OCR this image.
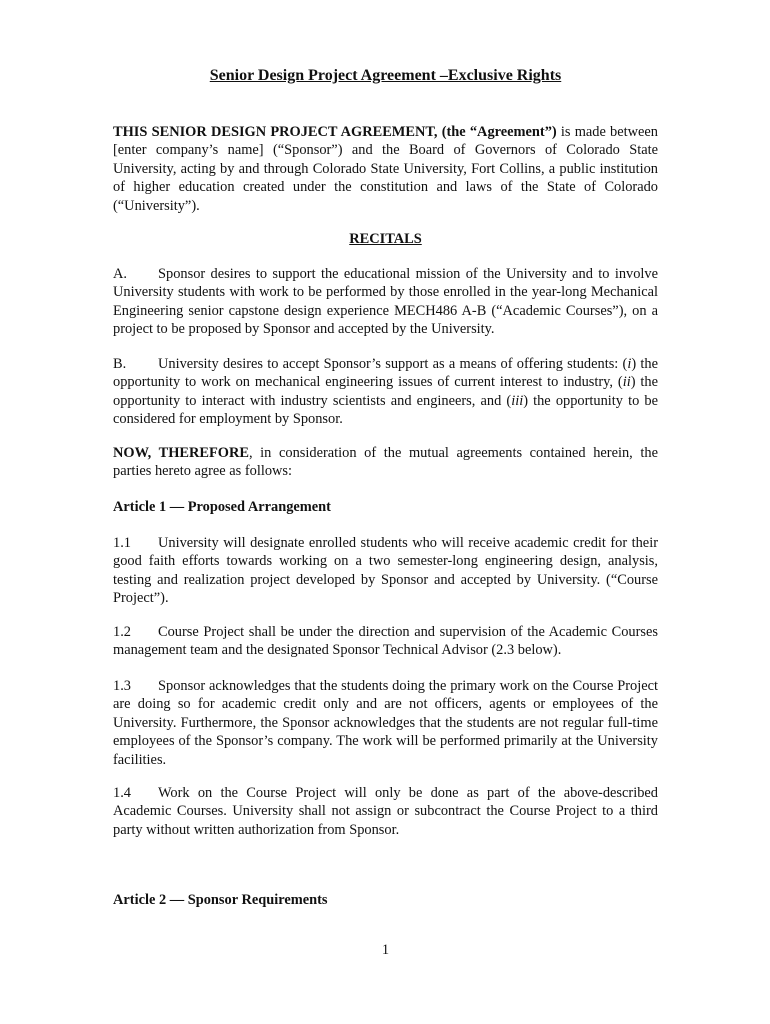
Senior Design Project Agreement –Exclusive Rights

THIS SENIOR DESIGN PROJECT AGREEMENT, (the “Agreement”) is made between [enter company’s name] (“Sponsor”) and the Board of Governors of Colorado State University, acting by and through Colorado State University, Fort Collins, a public institution of higher education created under the constitution and laws of the State of Colorado (“University”).

RECITALS

A. Sponsor desires to support the educational mission of the University and to involve University students with work to be performed by those enrolled in the year-long Mechanical Engineering senior capstone design experience MECH486 A-B (“Academic Courses”), on a project to be proposed by Sponsor and accepted by the University.

B. University desires to accept Sponsor’s support as a means of offering students: (i) the opportunity to work on mechanical engineering issues of current interest to industry, (ii) the opportunity to interact with industry scientists and engineers, and (iii) the opportunity to be considered for employment by Sponsor.

NOW, THEREFORE, in consideration of the mutual agreements contained herein, the parties hereto agree as follows:

Article 1 — Proposed Arrangement

1.1 University will designate enrolled students who will receive academic credit for their good faith efforts towards working on a two semester-long engineering design, analysis, testing and realization project developed by Sponsor and accepted by University. (“Course Project”).

1.2 Course Project shall be under the direction and supervision of the Academic Courses management team and the designated Sponsor Technical Advisor (2.3 below).

1.3 Sponsor acknowledges that the students doing the primary work on the Course Project are doing so for academic credit only and are not officers, agents or employees of the University. Furthermore, the Sponsor acknowledges that the students are not regular full-time employees of the Sponsor’s company. The work will be performed primarily at the University facilities.

1.4 Work on the Course Project will only be done as part of the above-described Academic Courses. University shall not assign or subcontract the Course Project to a third party without written authorization from Sponsor.

Article 2 — Sponsor Requirements
1
